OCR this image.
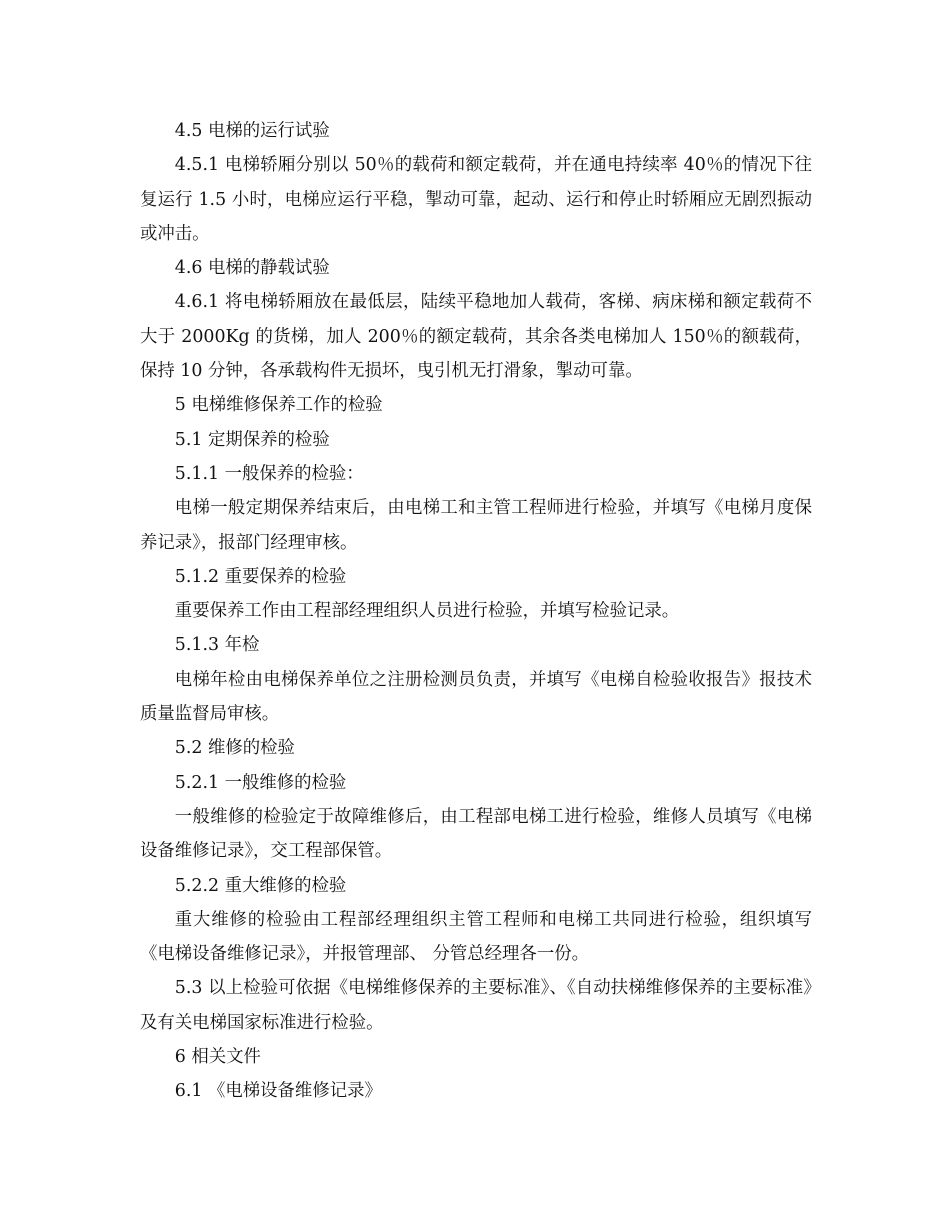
4.5 电梯的运行试验

4.5.1 电梯轿厢分别以 50％的载荷和额定载荷，并在通电持续率 40％的情况下往复运行 1.5 小时，电梯应运行平稳，掣动可靠，起动、运行和停止时轿厢应无剧烈振动或冲击。

4.6 电梯的静载试验

4.6.1 将电梯轿厢放在最低层，陆续平稳地加人载荷，客梯、病床梯和额定载荷不大于 2000Kg 的货梯，加人 200％的额定载荷，其余各类电梯加人 150％的额载荷，保持 10 分钟，各承载构件无损坏，曳引机无打滑象，掣动可靠。

5 电梯维修保养工作的检验

5.1 定期保养的检验

5.1.1 一般保养的检验：

电梯一般定期保养结束后，由电梯工和主管工程师进行检验，并填写《电梯月度保养记录》，报部门经理审核。

5.1.2 重要保养的检验

重要保养工作由工程部经理组织人员进行检验，并填写检验记录。

5.1.3 年检

电梯年检由电梯保养单位之注册检测员负责，并填写《电梯自检验收报告》报技术质量监督局审核。

5.2 维修的检验

5.2.1 一般维修的检验

一般维修的检验定于故障维修后，由工程部电梯工进行检验，维修人员填写《电梯设备维修记录》，交工程部保管。

5.2.2 重大维修的检验

重大维修的检验由工程部经理组织主管工程师和电梯工共同进行检验，组织填写《电梯设备维修记录》，并报管理部、 分管总经理各一份。

5.3 以上检验可依据《电梯维修保养的主要标准》、《自动扶梯维修保养的主要标准》及有关电梯国家标准进行检验。

6 相关文件

6.1 《电梯设备维修记录》
